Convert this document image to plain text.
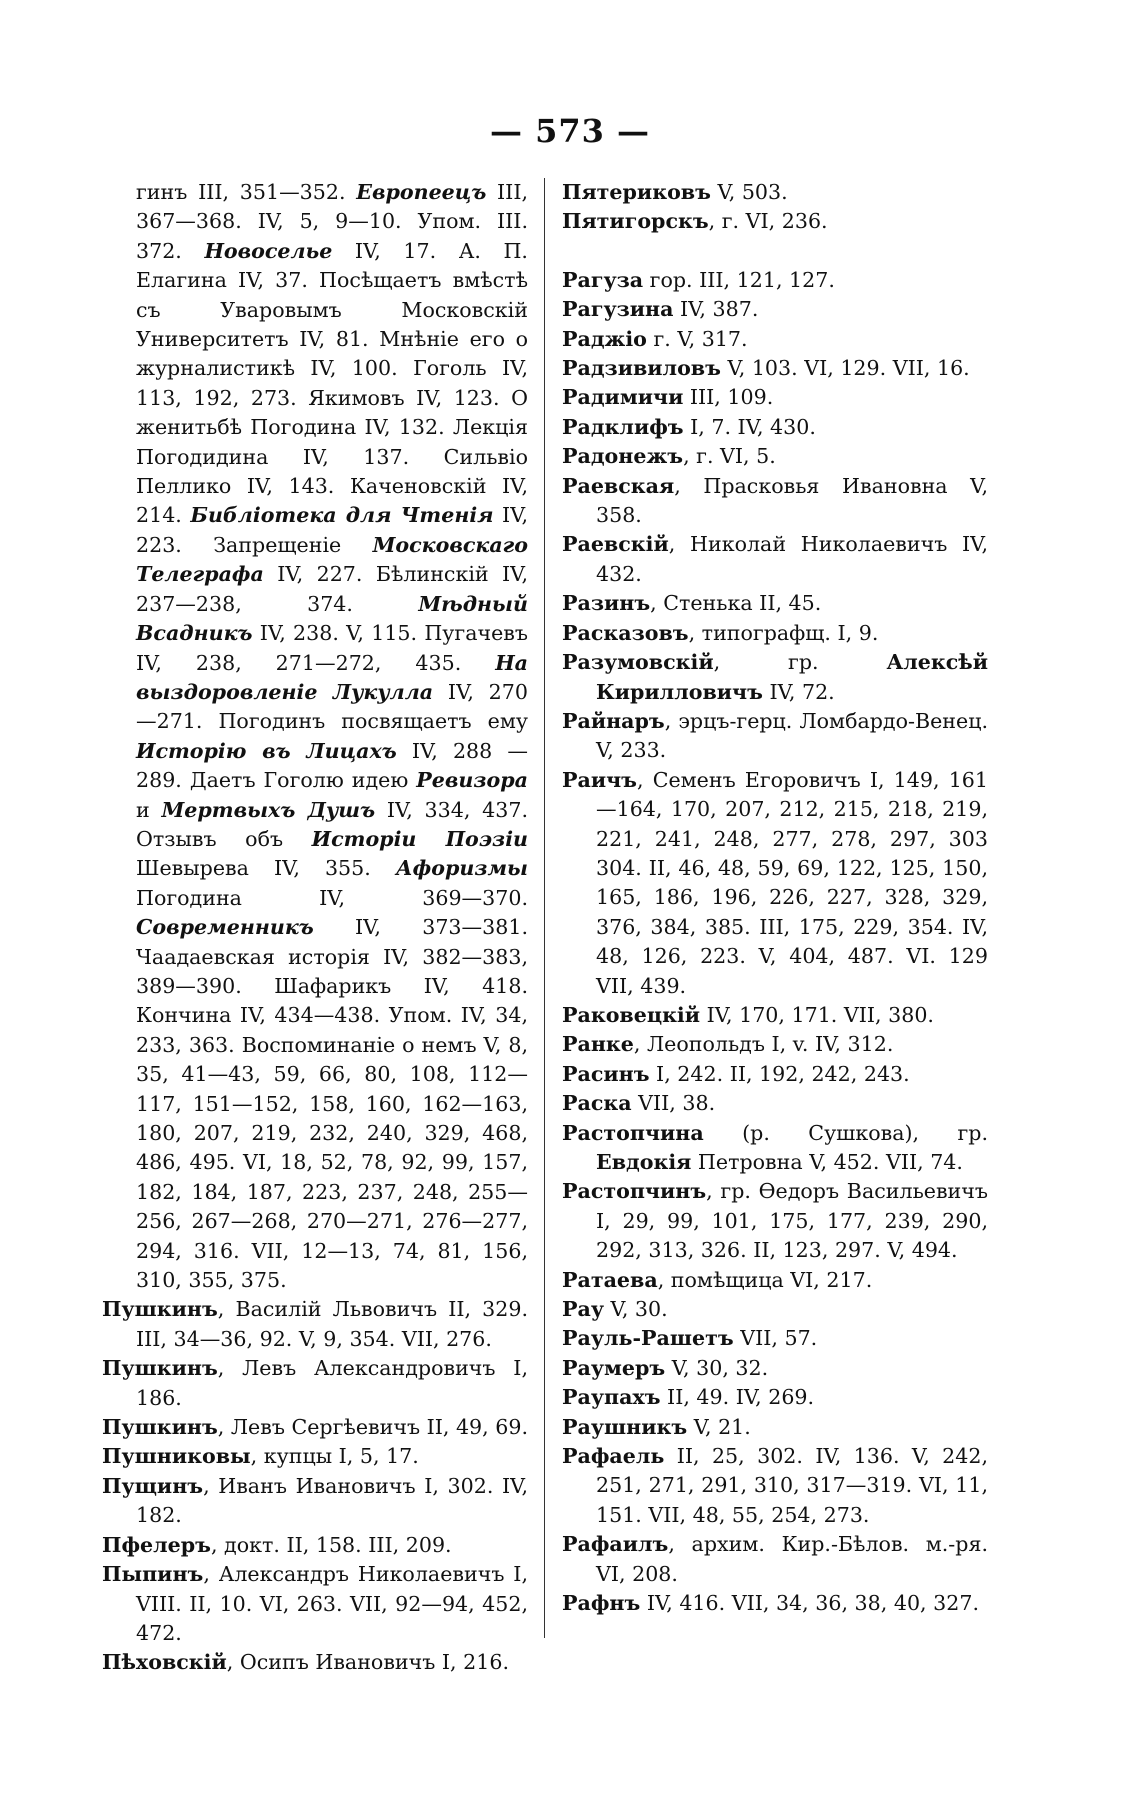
— 573 —
гинъ III, 351—352. Европеецъ III, 367—368. IV, 5, 9—10. Упом. III. 372. Новоселье IV, 17. А. П. Елагина IV, 37. Посѣщаетъ вмѣстѣ съ Уваровымъ Московскій Университетъ IV, 81. Мнѣніе его о журналистикѣ IV, 100. Гоголь IV, 113, 192, 273. Якимовъ IV, 123. О женитьбѣ Погодина IV, 132. Лекція Погодидина IV, 137. Сильвіо Пеллико IV, 143. Каченовскій IV, 214. Библіотека для Чтенія IV, 223. Запрещеніе Московскаго Телеграфа IV, 227. Бѣлинскій IV, 237—238, 374. Мѣдный Всадникъ IV, 238. V, 115. Пугачевъ IV, 238, 271—272, 435. На выздоровленіе Лукулла IV, 270 —271. Погодинъ посвящаетъ ему Исторію въ Лицахъ IV, 288 — 289. Даетъ Гоголю идею Ревизора и Мертвыхъ Душъ IV, 334, 437. Отзывъ объ Исторіи Поэзіи Шевырева IV, 355. Афоризмы Погодина IV, 369—370. Современникъ IV, 373—381. Чаадаевская исторія IV, 382—383, 389—390. Шафарикъ IV, 418. Кончина IV, 434—438. Упом. IV, 34, 233, 363. Воспоминаніе о немъ V, 8, 35, 41—43, 59, 66, 80, 108, 112—117, 151—152, 158, 160, 162—163, 180, 207, 219, 232, 240, 329, 468, 486, 495. VI, 18, 52, 78, 92, 99, 157, 182, 184, 187, 223, 237, 248, 255—256, 267—268, 270—271, 276—277, 294, 316. VII, 12—13, 74, 81, 156, 310, 355, 375.
Пушкинъ, Василій Львовичъ II, 329. III, 34—36, 92. V, 9, 354. VII, 276.
Пушкинъ, Левъ Александровичъ I, 186.
Пушкинъ, Левъ Сергѣевичъ II, 49, 69.
Пушниковы, купцы I, 5, 17.
Пущинъ, Иванъ Ивановичъ I, 302. IV, 182.
Пфелеръ, докт. II, 158. III, 209.
Пыпинъ, Александръ Николаевичъ I, VIII. II, 10. VI, 263. VII, 92—94, 452, 472.
Пѣховскій, Осипъ Ивановичъ I, 216.
Пятериковъ V, 503.
Пятигорскъ, г. VI, 236.
Рагуза гор. III, 121, 127.
Рагузина IV, 387.
Раджіо г. V, 317.
Радзивиловъ V, 103. VI, 129. VII, 16.
Радимичи III, 109.
Радклифъ I, 7. IV, 430.
Радонежъ, г. VI, 5.
Раевская, Прасковья Ивановна V, 358.
Раевскій, Николай Николаевичъ IV, 432.
Разинъ, Стенька II, 45.
Расказовъ, типографщ. I, 9.
Разумовскій, гр. Алексѣй Кирилловичъ IV, 72.
Райнаръ, эрцъ-герц. Ломбардо-Венец. V, 233.
Раичъ, Семенъ Егоровичъ I, 149, 161—164, 170, 207, 212, 215, 218, 219, 221, 241, 248, 277, 278, 297, 303 304. II, 46, 48, 59, 69, 122, 125, 150, 165, 186, 196, 226, 227, 328, 329, 376, 384, 385. III, 175, 229, 354. IV, 48, 126, 223. V, 404, 487. VI. 129 VII, 439.
Раковецкій IV, 170, 171. VII, 380.
Ранке, Леопольдъ I, v. IV, 312.
Расинъ I, 242. II, 192, 242, 243.
Раска VII, 38.
Растопчина (р. Сушкова), гр. Евдокія Петровна V, 452. VII, 74.
Растопчинъ, гр. Ѳедоръ Васильевичъ I, 29, 99, 101, 175, 177, 239, 290, 292, 313, 326. II, 123, 297. V, 494.
Ратаева, помѣщица VI, 217.
Рау V, 30.
Рауль-Рашетъ VII, 57.
Раумеръ V, 30, 32.
Раупахъ II, 49. IV, 269.
Раушникъ V, 21.
Рафаель II, 25, 302. IV, 136. V, 242, 251, 271, 291, 310, 317—319. VI, 11, 151. VII, 48, 55, 254, 273.
Рафаилъ, архим. Кир.-Бѣлов. м.-ря. VI, 208.
Рафнъ IV, 416. VII, 34, 36, 38, 40, 327.
